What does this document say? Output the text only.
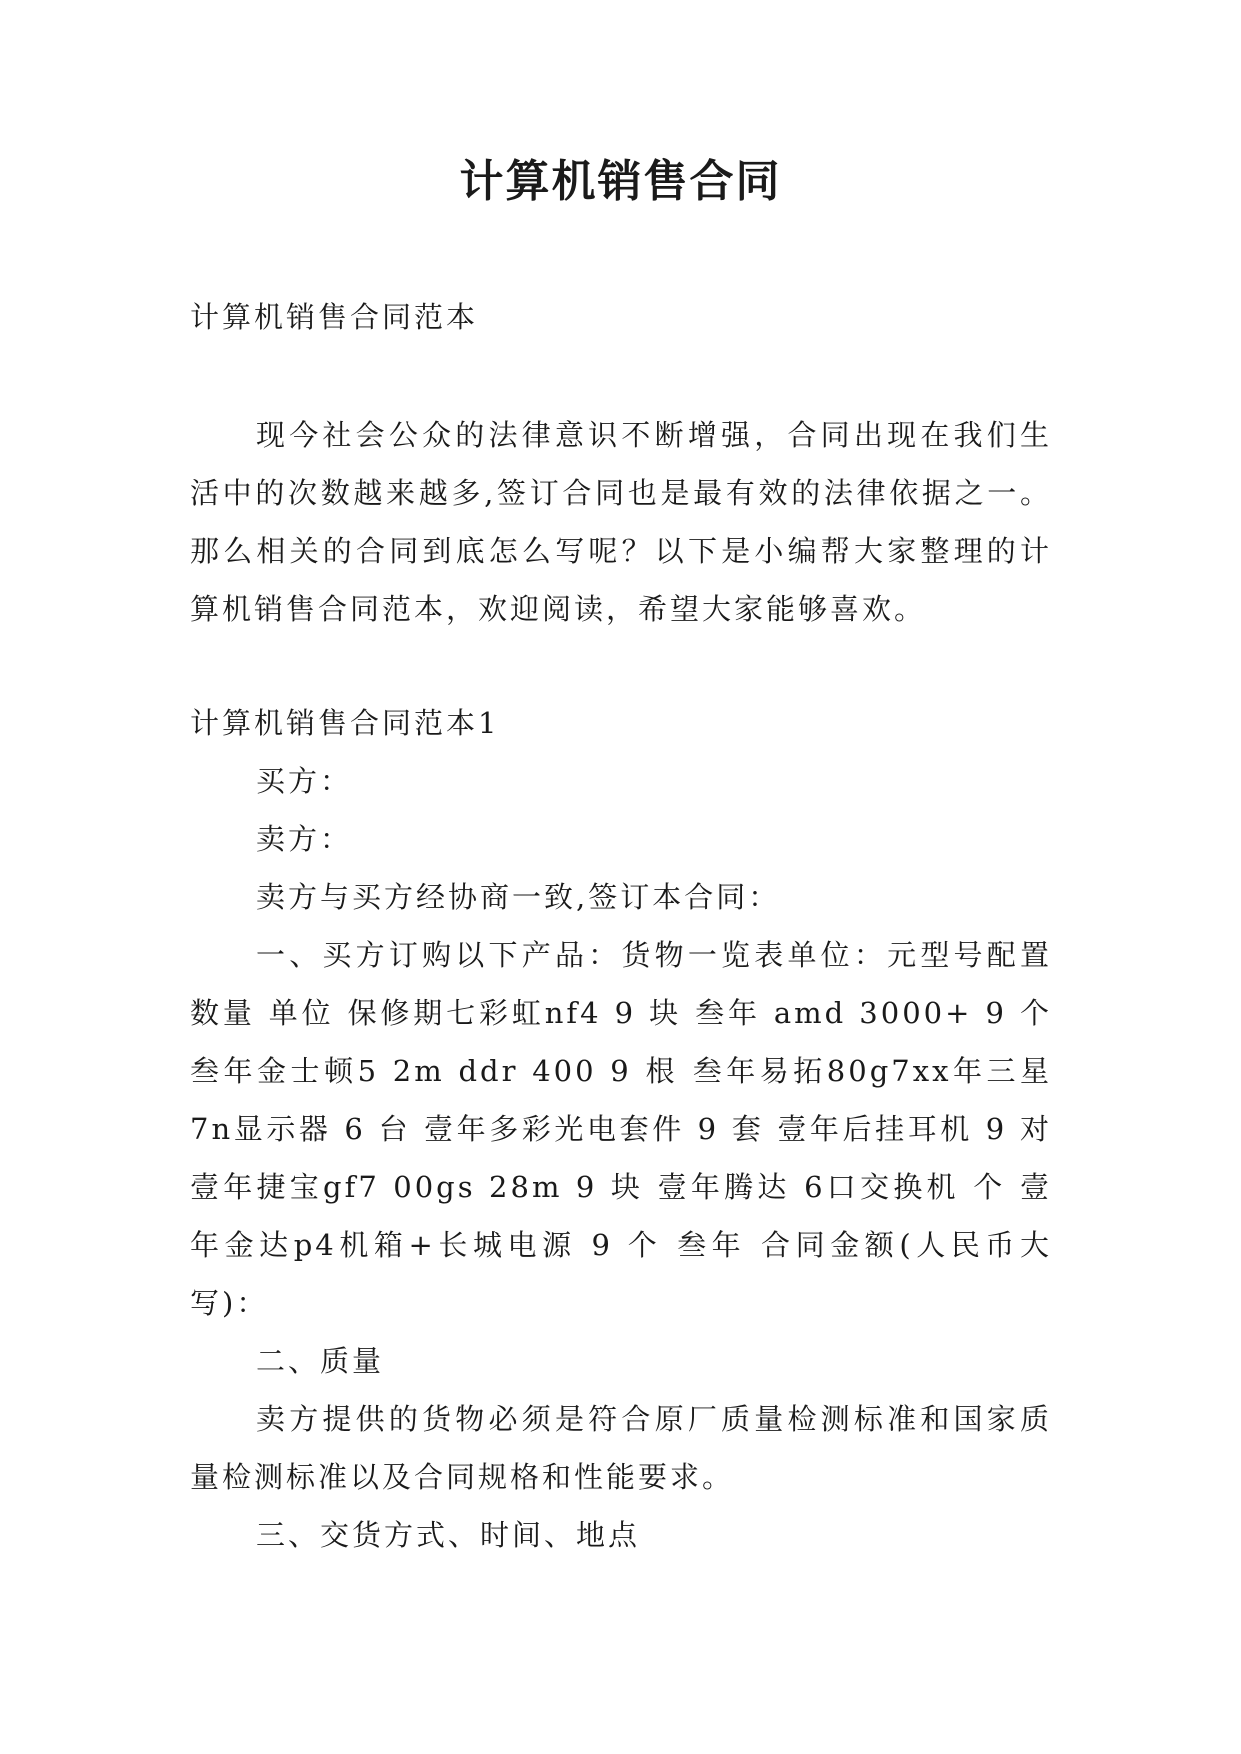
计算机销售合同
计算机销售合同范本

现今社会公众的法律意识不断增强，合同出现在我们生活中的次数越来越多,签订合同也是最有效的法律依据之一。那么相关的合同到底怎么写呢？以下是小编帮大家整理的计算机销售合同范本，欢迎阅读，希望大家能够喜欢。

计算机销售合同范本1

买方：

卖方：

卖方与买方经协商一致,签订本合同：

一、买方订购以下产品：货物一览表单位：元型号配置数量 单位 保修期七彩虹nf4 9 块 叁年 amd 3000+ 9 个 叁年金士顿5 2m ddr 400 9 根 叁年易拓80g7xx年三星7n显示器 6 台 壹年多彩光电套件 9 套 壹年后挂耳机 9 对 壹年捷宝gf7 00gs 28m 9 块 壹年腾达 6口交换机 个 壹年金达p4机箱+长城电源 9 个 叁年 合同金额(人民币大写)：

二、质量

卖方提供的货物必须是符合原厂质量检测标准和国家质量检测标准以及合同规格和性能要求。

三、交货方式、时间、地点
